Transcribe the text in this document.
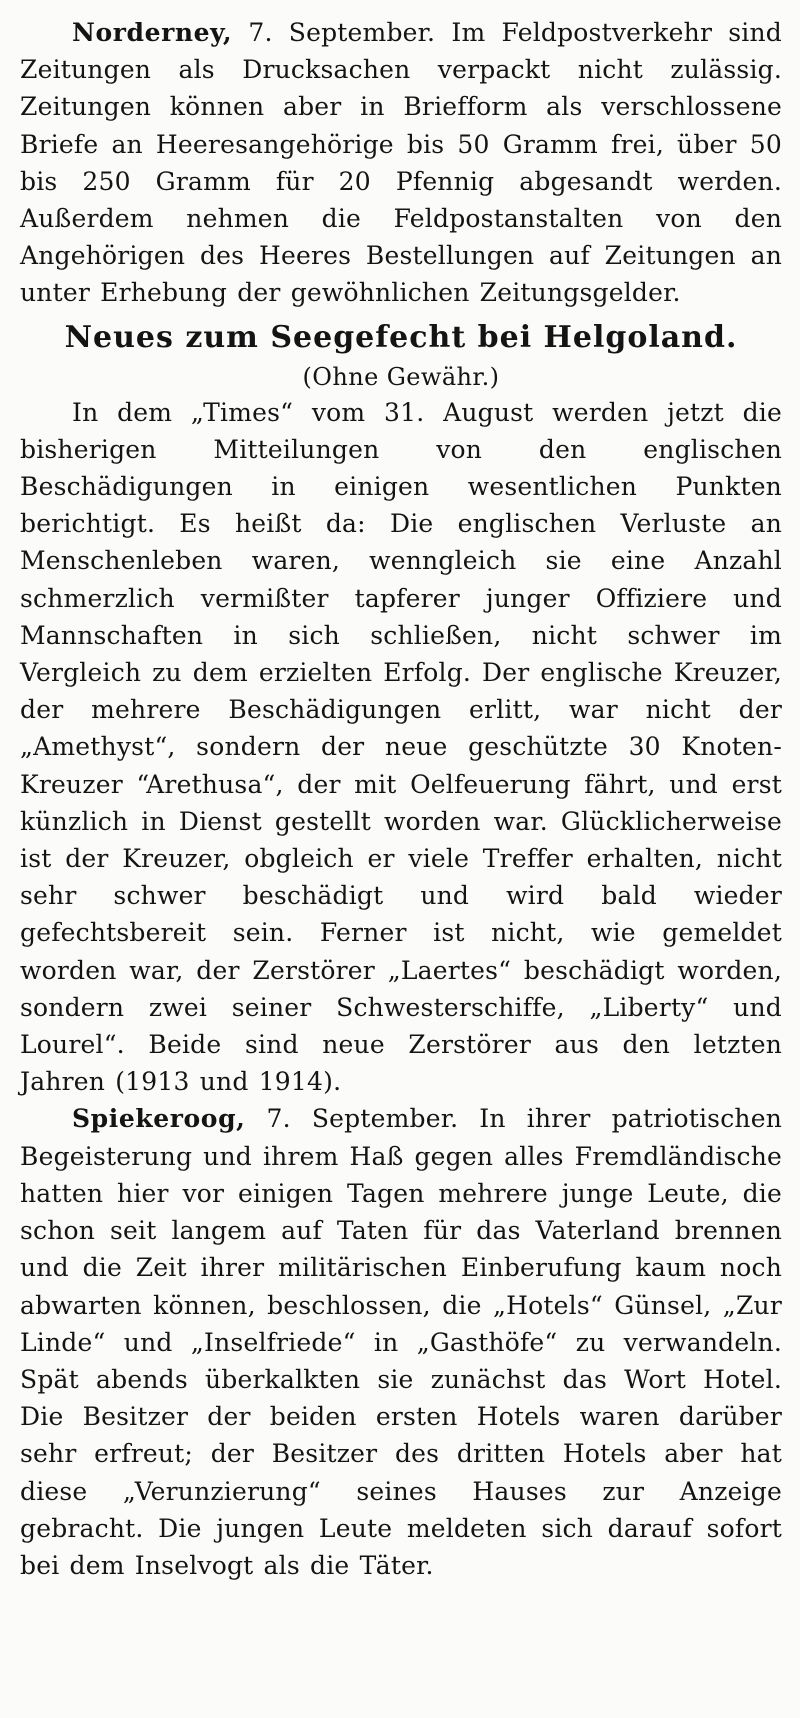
Norderney, 7. September. Im Feldpostverkehr sind Zeitungen als Drucksachen verpackt nicht zulässig. Zeitungen können aber in Briefform als verschlossene Briefe an Heeresangehörige bis 50 Gramm frei, über 50 bis 250 Gramm für 20 Pfennig abgesandt werden. Außerdem nehmen die Feldpostanstalten von den Angehörigen des Heeres Bestellungen auf Zeitungen an unter Erhebung der gewöhnlichen Zeitungsgelder.

Neues zum Seegefecht bei Helgoland.
(Ohne Gewähr.)

In dem „Times“ vom 31. August werden jetzt die bisherigen Mitteilungen von den englischen Beschädigungen in einigen wesentlichen Punkten berichtigt. Es heißt da: Die englischen Verluste an Menschenleben waren, wenngleich sie eine Anzahl schmerzlich vermißter tapferer junger Offiziere und Mannschaften in sich schließen, nicht schwer im Vergleich zu dem erzielten Erfolg. Der englische Kreuzer, der mehrere Beschädigungen erlitt, war nicht der „Amethyst“, sondern der neue geschützte 30 Knoten-Kreuzer “Arethusa“, der mit Oelfeuerung fährt, und erst künzlich in Dienst gestellt worden war. Glücklicherweise ist der Kreuzer, obgleich er viele Treffer erhalten, nicht sehr schwer beschädigt und wird bald wieder gefechtsbereit sein. Ferner ist nicht, wie gemeldet worden war, der Zerstörer „Laertes“ beschädigt worden, sondern zwei seiner Schwesterschiffe, „Liberty“ und Lourel“. Beide sind neue Zerstörer aus den letzten Jahren (1913 und 1914).

Spiekeroog, 7. September. In ihrer patriotischen Begeisterung und ihrem Haß gegen alles Fremdländische hatten hier vor einigen Tagen mehrere junge Leute, die schon seit langem auf Taten für das Vaterland brennen und die Zeit ihrer militärischen Einberufung kaum noch abwarten können, beschlossen, die „Hotels“ Günsel, „Zur Linde“ und „Inselfriede“ in „Gasthöfe“ zu verwandeln. Spät abends überkalkten sie zunächst das Wort Hotel. Die Besitzer der beiden ersten Hotels waren darüber sehr erfreut; der Besitzer des dritten Hotels aber hat diese „Verunzierung“ seines Hauses zur Anzeige gebracht. Die jungen Leute meldeten sich darauf sofort bei dem Inselvogt als die Täter.
